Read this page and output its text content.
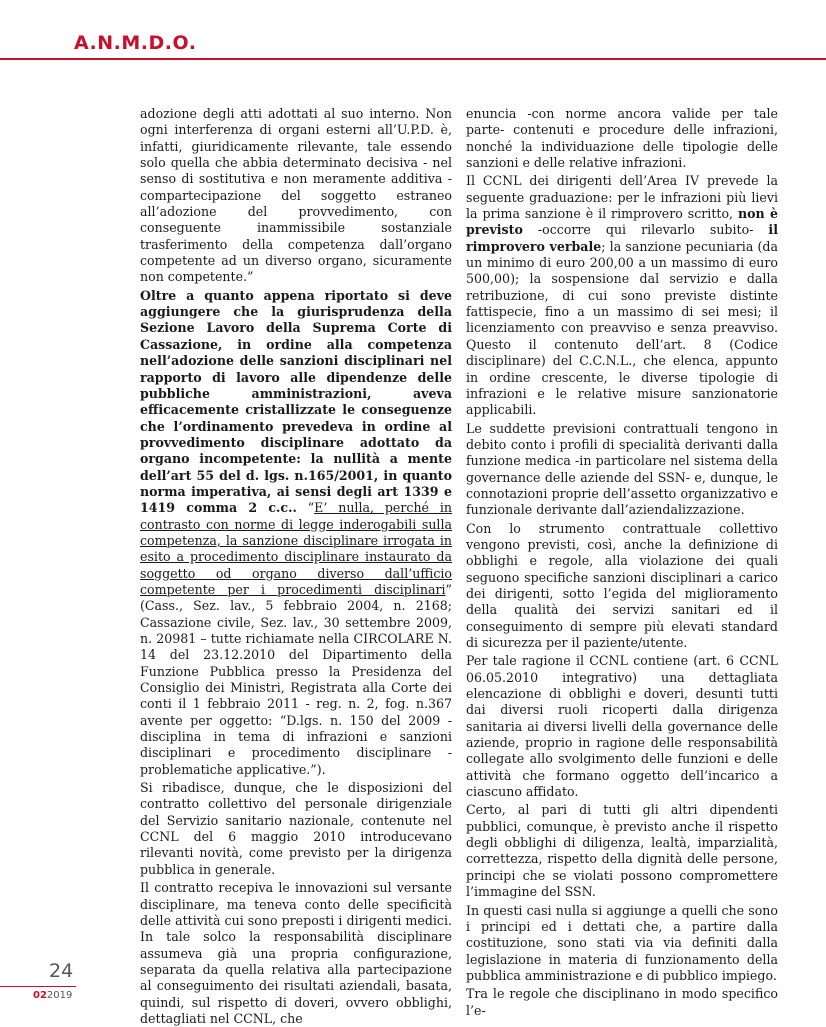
A.N.M.D.O.

adozione degli atti adottati al suo interno. Non ogni interferenza di organi esterni all’U.P.D. è, infatti, giuridicamente rilevante, tale essendo solo quella che abbia determinato decisiva - nel senso di sostitutiva e non meramente additiva - compartecipazione del soggetto estraneo all’adozione del provvedimento, con conseguente inammissibile sostanziale trasferimento della competenza dall’organo competente ad un diverso organo, sicuramente non competente.”

Oltre a quanto appena riportato si deve aggiungere che la giurisprudenza della Sezione Lavoro della Suprema Corte di Cassazione, in ordine alla competenza nell’adozione delle sanzioni disciplinari nel rapporto di lavoro alle dipendenze delle pubbliche amministrazioni, aveva efficacemente cristallizzate le conseguenze che l’ordinamento prevedeva in ordine al provvedimento disciplinare adottato da organo incompetente: la nullità a mente dell’art 55 del d. lgs. n.165/2001, in quanto norma imperativa, ai sensi degli art 1339 e 1419 comma 2 c.c.. “E’ nulla, perché in contrasto con norme di legge inderogabili sulla competenza, la sanzione disciplinare irrogata in esito a procedimento disciplinare instaurato da soggetto od organo diverso dall’ufficio competente per i procedimenti disciplinari” (Cass., Sez. lav., 5 febbraio 2004, n. 2168; Cassazione civile, Sez. lav., 30 settembre 2009, n. 20981 – tutte richiamate nella CIRCOLARE N. 14 del 23.12.2010 del Dipartimento della Funzione Pubblica presso la Presidenza del Consiglio dei Ministri, Registrata alla Corte dei conti il 1 febbraio 2011 - reg. n. 2, fog. n.367 avente per oggetto: “D.lgs. n. 150 del 2009 - disciplina in tema di infrazioni e sanzioni disciplinari e procedimento disciplinare - problematiche applicative.”).

Si ribadisce, dunque, che le disposizioni del contratto collettivo del personale dirigenziale del Servizio sanitario nazionale, contenute nel CCNL del 6 maggio 2010 introducevano rilevanti novità, come previsto per la dirigenza pubblica in generale.

Il contratto recepiva le innovazioni sul versante disciplinare, ma teneva conto delle specificità delle attività cui sono preposti i dirigenti medici. In tale solco la responsabilità disciplinare assumeva già una propria configurazione, separata da quella relativa alla partecipazione al conseguimento dei risultati aziendali, basata, quindi, sul rispetto di doveri, ovvero obblighi, dettagliati nel CCNL, che

enuncia -con norme ancora valide per tale parte- contenuti e procedure delle infrazioni, nonché la individuazione delle tipologie delle sanzioni e delle relative infrazioni.

Il CCNL dei dirigenti dell’Area IV prevede la seguente graduazione: per le infrazioni più lievi la prima sanzione è il rimprovero scritto, non è previsto -occorre qui rilevarlo subito- il rimprovero verbale; la sanzione pecuniaria (da un minimo di euro 200,00 a un massimo di euro 500,00); la sospensione dal servizio e dalla retribuzione, di cui sono previste distinte fattispecie, fino a un massimo di sei mesi; il licenziamento con preavviso e senza preavviso. Questo il contenuto dell’art. 8 (Codice disciplinare) del C.C.N.L., che elenca, appunto in ordine crescente, le diverse tipologie di infrazioni e le relative misure sanzionatorie applicabili.

Le suddette previsioni contrattuali tengono in debito conto i profili di specialità derivanti dalla funzione medica -in particolare nel sistema della governance delle aziende del SSN- e, dunque, le connotazioni proprie dell’assetto organizzativo e funzionale derivante dall’aziendalizzazione.

Con lo strumento contrattuale collettivo vengono previsti, così, anche la definizione di obblighi e regole, alla violazione dei quali seguono specifiche sanzioni disciplinari a carico dei dirigenti, sotto l’egida del miglioramento della qualità dei servizi sanitari ed il conseguimento di sempre più elevati standard di sicurezza per il paziente/utente.

Per tale ragione il CCNL contiene (art. 6 CCNL 06.05.2010 integrativo) una dettagliata elencazione di obblighi e doveri, desunti tutti dai diversi ruoli ricoperti dalla dirigenza sanitaria ai diversi livelli della governance delle aziende, proprio in ragione delle responsabilità collegate allo svolgimento delle funzioni e delle attività che formano oggetto dell’incarico a ciascuno affidato.

Certo, al pari di tutti gli altri dipendenti pubblici, comunque, è previsto anche il rispetto degli obblighi di diligenza, lealtà, imparzialità, correttezza, rispetto della dignità delle persone, principi che se violati possono compromettere l’immagine del SSN.

In questi casi nulla si aggiunge a quelli che sono i principi ed i dettati che, a partire dalla costituzione, sono stati via via definiti dalla legislazione in materia di funzionamento della pubblica amministrazione e di pubblico impiego.

Tra le regole che disciplinano in modo specifico l’e-

24
022019
